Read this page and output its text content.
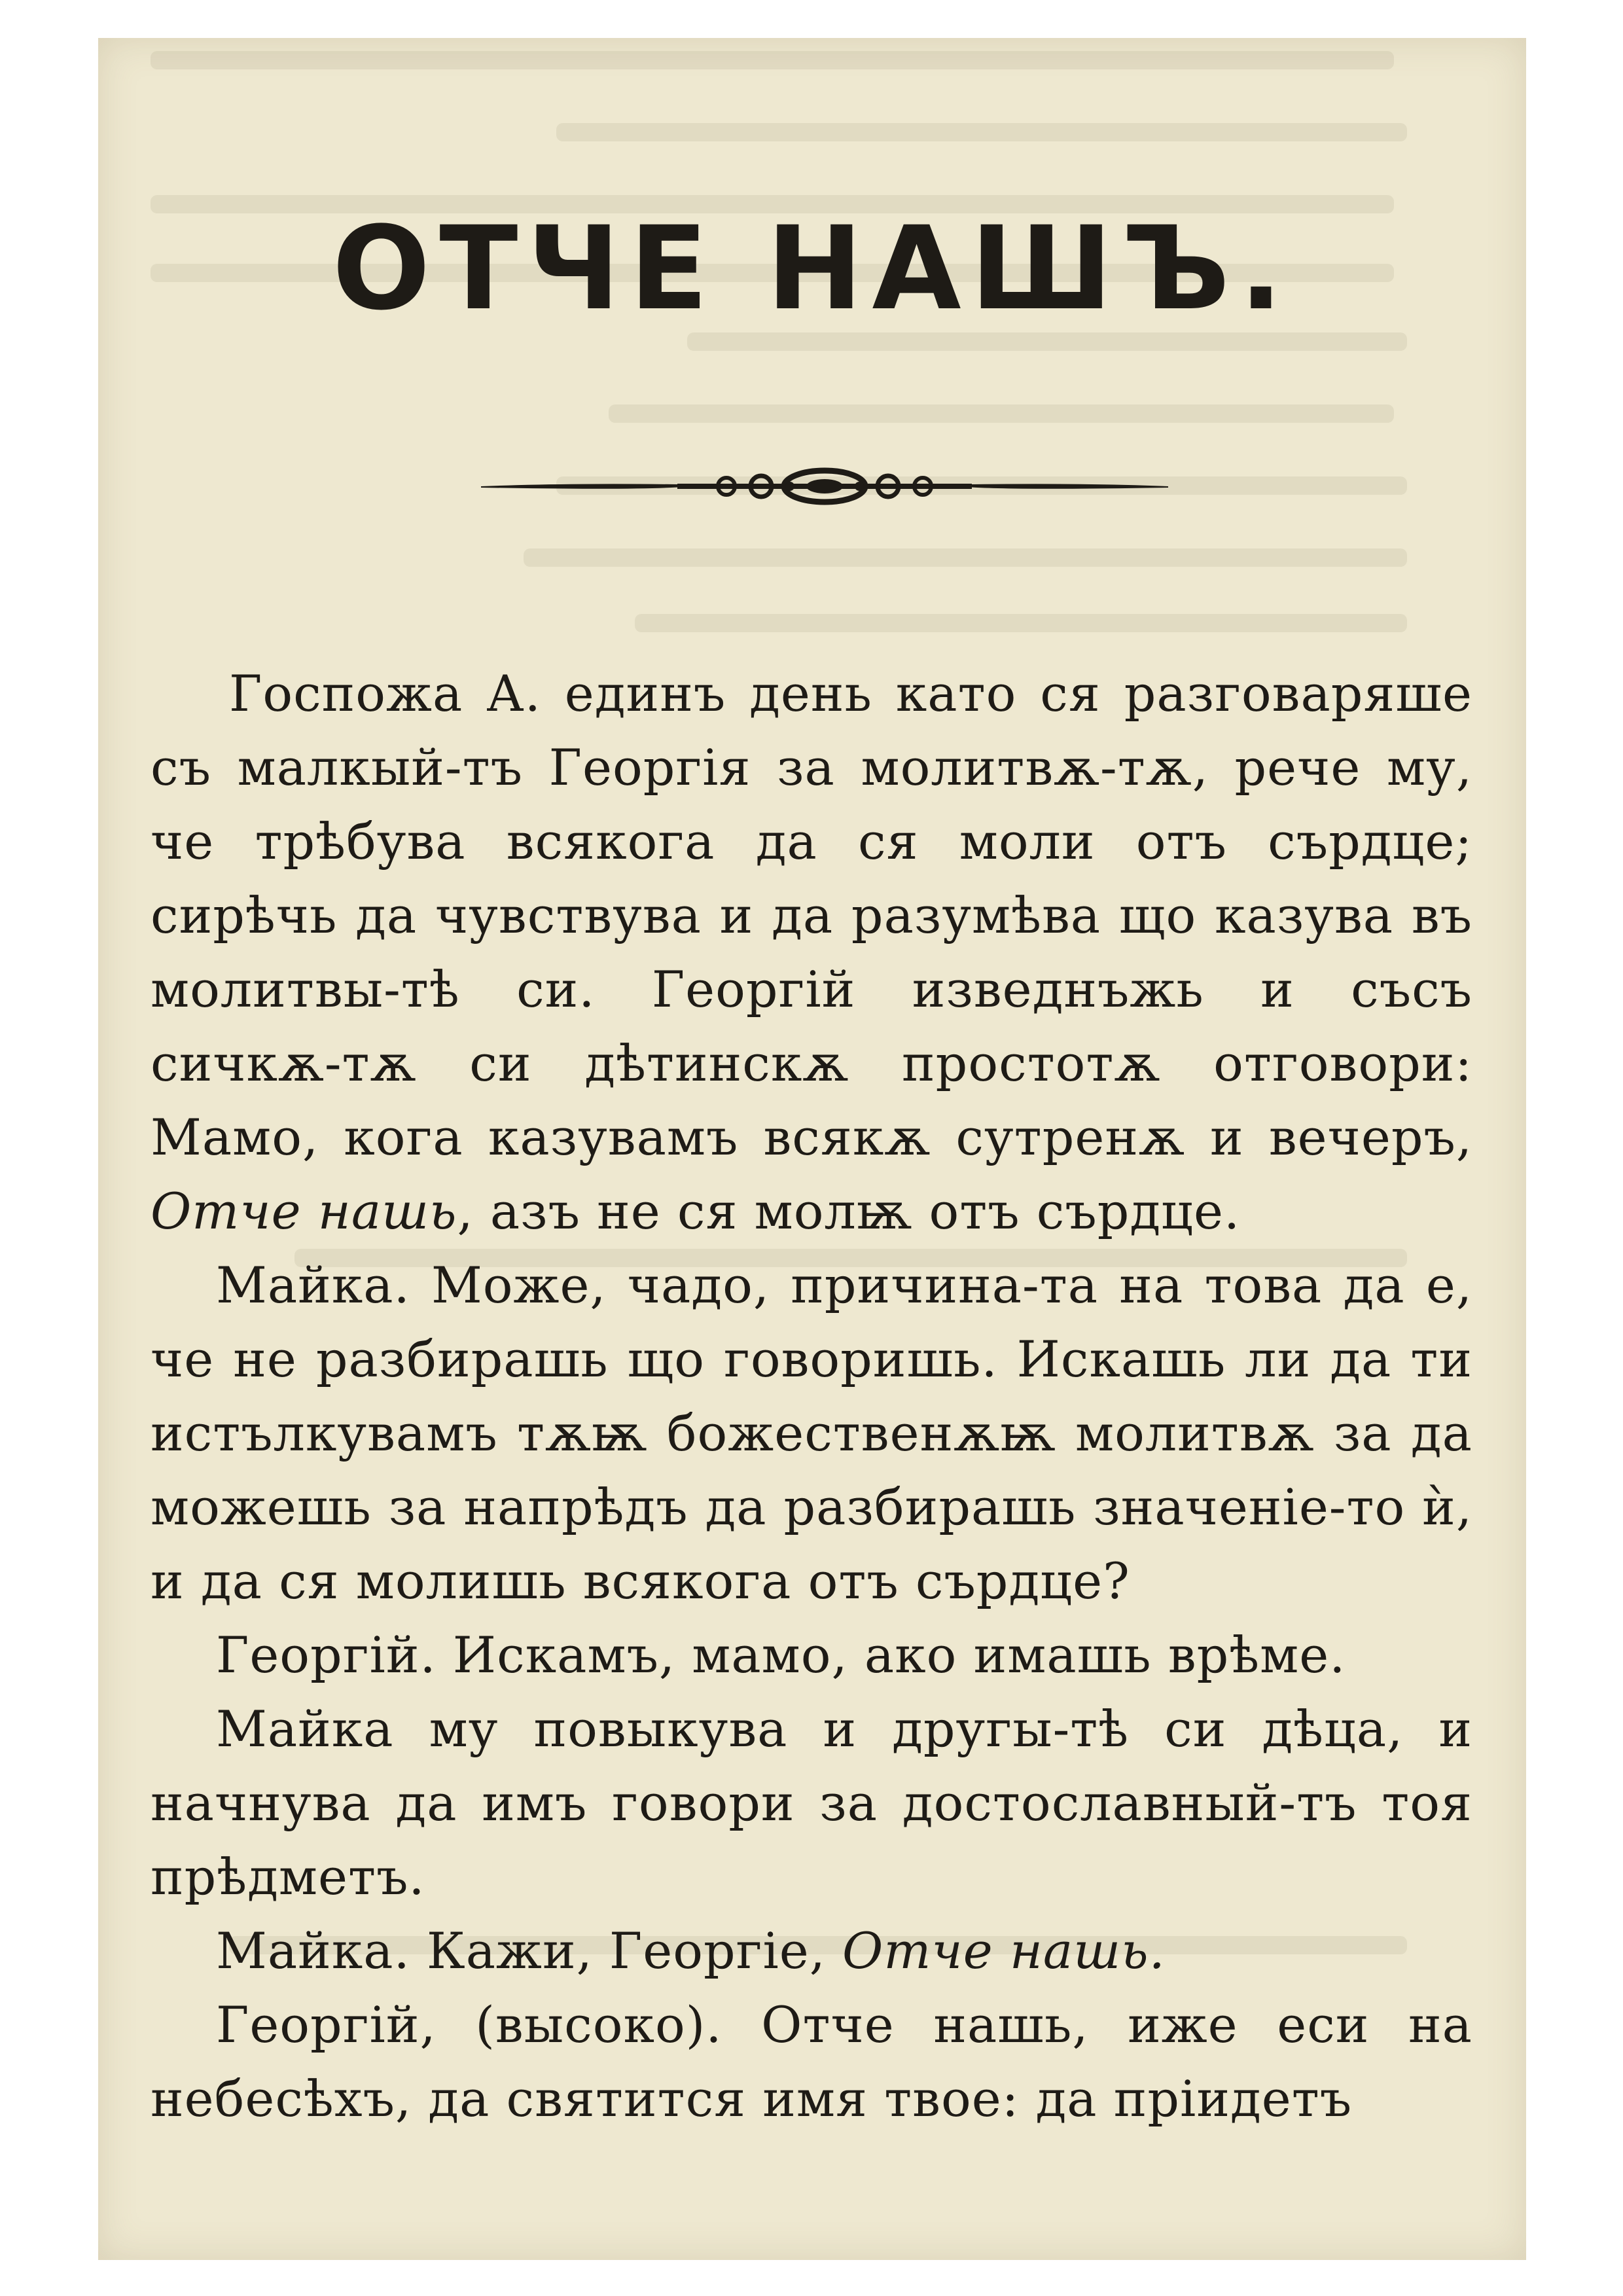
ОТЧЕ НАШЪ.

Госпожа А. единъ день като ся разговаряше съ малкый-тъ Георгія за молитвѫ-тѫ, рече му, че трѣбува всякога да ся моли отъ сърдце; сирѣчь да чувствува и да разумѣва що казува въ молитвы-тѣ си. Георгій изведнъжь и съсъ сичкѫ-тѫ си дѣтинскѫ простотѫ отговори: Мамо, кога казувамъ всякѫ сутренѫ и вечеръ, Отче нашь, азъ не ся молѭ отъ сърдце.

Майка. Може, чадо, причина-та на това да е, че не разбирашь що говоришь. Искашь ли да ти истълкувамъ тѫѭ божественѫѭ молитвѫ за да можешь за напрѣдъ да разбирашь значеніе-то ѝ, и да ся молишь всякога отъ сърдце?

Георгій. Искамъ, мамо, ако имашь врѣме.

Майка му повыкува и другы-тѣ си дѣца, и начнува да имъ говори за достославный-тъ тоя прѣдметъ.

Майка. Кажи, Георгіе, Отче нашь.

Георгій, (высоко). Отче нашь, иже еси на небесѣхъ, да святится имя твое: да пріидетъ
